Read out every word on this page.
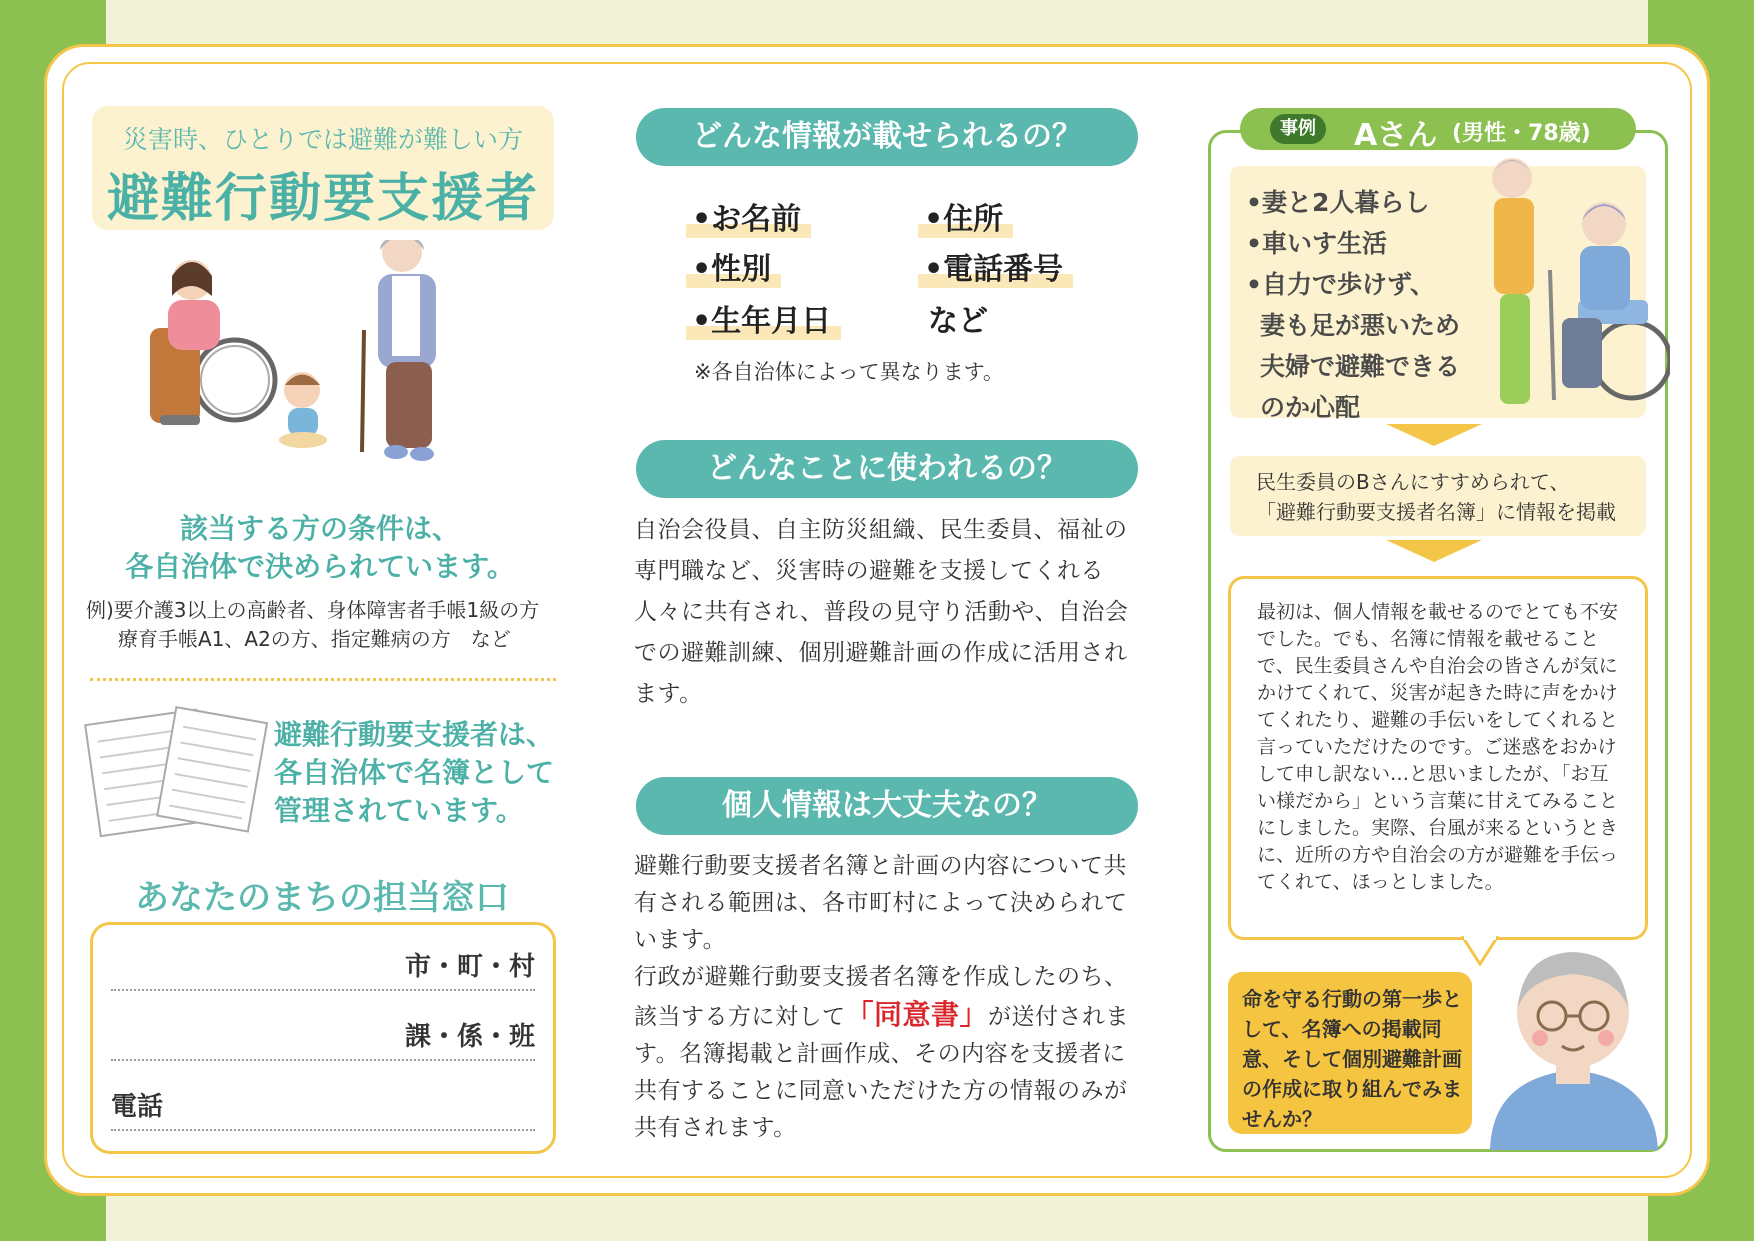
災害時、ひとりでは避難が難しい方
避難行動要支援者
該当する方の条件は、
各自治体で決められています。
例)要介護3以上の高齢者、身体障害者手帳1級の方
療育手帳A1、A2の方、指定難病の方　など
避難行動要支援者は、
各自治体で名簿として
管理されています。
あなたのまちの担当窓口
市・町・村
課・係・班
電話
どんな情報が載せられるの？
•お名前	•住所
•性別	•電話番号
•生年月日	など
※各自治体によって異なります。
どんなことに使われるの？
自治会役員、自主防災組織、民生委員、福祉の専門職など、災害時の避難を支援してくれる人々に共有され、普段の見守り活動や、自治会での避難訓練、個別避難計画の作成に活用されます。
個人情報は大丈夫なの？
避難行動要支援者名簿と計画の内容について共有される範囲は、各市町村によって決められています。
行政が避難行動要支援者名簿を作成したのち、該当する方に対して「同意書」が送付されます。名簿掲載と計画作成、その内容を支援者に共有することに同意いただけた方の情報のみが共有されます。
事例	Aさん (男性・78歳)
•妻と2人暮らし
•車いす生活
•自力で歩けず、
妻も足が悪いため
夫婦で避難できる
のか心配
民生委員のBさんにすすめられて、
「避難行動要支援者名簿」に情報を掲載
最初は、個人情報を載せるのでとても不安でした。でも、名簿に情報を載せることで、民生委員さんや自治会の皆さんが気にかけてくれて、災害が起きた時に声をかけてくれたり、避難の手伝いをしてくれると言っていただけたのです。ご迷惑をおかけして申し訳ない…と思いましたが、「お互い様だから」という言葉に甘えてみることにしました。実際、台風が来るというときに、近所の方や自治会の方が避難を手伝ってくれて、ほっとしました。
命を守る行動の第一歩として、名簿への掲載同意、そして個別避難計画の作成に取り組んでみませんか？
